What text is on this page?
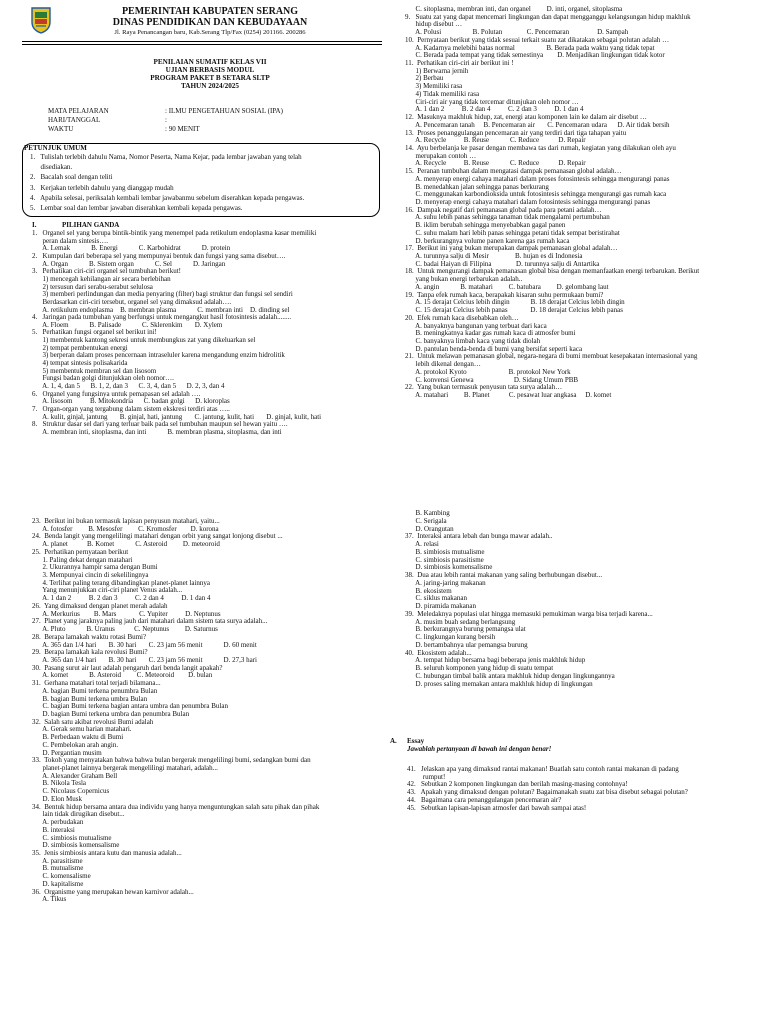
PEMERINTAH KABUPATEN SERANG
DINAS PENDIDIKAN DAN KEBUDAYAAN
Jl. Raya Penancangan baru, Kab.Serang Tlp/Fax (0254) 201166. 200286
PENILAIAN SUMATIF KELAS VII
UJIAN BERBASIS MODUL
PROGRAM PAKET B SETARA SLTP
TAHUN 2024/2025
MATA PELAJARAN	: ILMU PENGETAHUAN SOSIAL (IPA)
HARI/TANGGAL	:
WAKTU	: 90 MENIT
PETUNJUK UMUM
1.   Tulislah terlebih dahulu Nama, Nomor Peserta, Nama Kejar, pada lembar jawaban yang telah
disediakan.
2.   Bacalah soal dengan teliti
3.   Kerjakan terlebih dahulu yang dianggap mudah
4.   Apabila selesai, periksalah kembali lembar jawabanmu sebelum diserahkan kepada pengawas.
5.   Lembar soal dan lembar jawaban diserahkan kembali kepada pengawas.
I.	PILIHAN GANDA
1.   Organel sel yang berupa bintik-bintik yang menempel pada retikulum endoplasma kasar memiliki
peran dalam sintesis….
A. Lemak            B. Energi            C. Karbohidrat            D. protein
2.   Kumpulan dari beberapa sel yang mempunyai bentuk dan fungsi yang sama disebut….
A. Organ            B. Sistem organ            C. Sel            D. Jaringan
3.   Perhatikan ciri-ciri organel sel tumbuhan berikut!
1) mencegah kehilangan air secara berlebihan
2) tersusun dari serabu-serabut selulosa
3) memberi perlindungan dan media penyaring (filter) bagi struktur dan fungsi sel sendiri
Berdasarkan ciri-ciri tersebut, organel sel yang dimaksud adalah….
A. retikulum endoplasma    B. membran plasma            C. membran inti    D. dinding sel
4.   Jaringan pada tumbuhan yang berfungsi untuk mengangkut hasil fotosintesis adalah........
A. Floem            B. Palisade            C. Sklerenkim       D. Xylem
5.   Perhatikan fungsi organel sel berikut ini!
1) membentuk kantong sekresi untuk membungkus zat yang dikeluarkan sel
2) tempat pembentukan energi
3) berperan dalam proses pencernaan intraseluler karena mengandung enzim hidrolitik
4) tempat sintesis polisakarida
5) membentuk membran sel dan lisosom
Fungsi badan golgi ditunjukkan oleh nomor….
A. 1, 4, dan 5      B. 1, 2, dan 3      C. 3, 4, dan 5      D. 2, 3, dan 4
6.   Organel yang fungsinya untuk pemapasan sel adalah ….
A. lisosom          B. Mitokondria      C. badan golgi      D. kloroplas
7.   Organ-organ yang tergabung dalam sistem ekskresi terdiri atas …..
A. kulit, ginjal, jantung       B. ginjal, hati, jantung       C. jantung, kulit, hati       D. ginjal, kulit, hati
8.   Struktur dasar sel dari yang terluar baik pada sel tumbuhan maupun sel hewan yaitu ….
A. membran inti, sitoplasma, dan inti            B. membran plasma, sitoplasma, dan inti
C. sitoplasma, membran inti, dan organel         D. inti, organel, sitoplasma
9.   Suatu zat yang dapat mencemari lingkungan dan dapat mengganggu kelangsungan hidup makhluk
hidup disebut …
A. Polusi                  B. Polutan              C. Pencemaran                D. Sampah
10.  Pernyataan berikut yang tidak sesuai terkait suatu zat dikatakan sebagai polutan adalah …
A. Kadarnya melebihi batas normal                  B. Berada pada waktu yang tidak tepat
C. Berada pada tempat yang tidak semestinya        D. Menjadikan lingkungan tidak kotor
11.  Perhatikan ciri-ciri air berikut ini !
1) Berwarna jernih
2) Berbau
3) Memiliki rasa
4) Tidak memiliki rasa
Ciri-ciri air yang tidak tercemar ditunjukan oleh nomor …
A. 1 dan 2          B. 2 dan 4          C. 2 dan 3          D. 1 dan 4
12.  Masuknya makhluk hidup, zat, energi atau komponen lain ke dalam air disebut …
A. Pencemaran tanah     B. Pencemaran air       C. Pencemaran udara      D. Air tidak bersih
13.  Proses penanggulangan pencemaran air yang terdiri dari tiga tahapan yaitu
A. Recycle          B. Reuse            C. Reduce           D. Repair
14.  Ayu berbelanja ke pasar dengan membawa tas dari rumah, kegiatan yang dilakukan oleh ayu
merupakan contoh …
A. Recycle          B. Reuse            C. Reduce           D. Repair
15.  Peranan tumbuhan dalam mengatasi dampak pemanasan global adalah…
A. menyerap energi cahaya matahari dalam proses fotosintesis sehingga mengurangi panas
B. menedahkan jalan sehingga panas berkurang
C. menggunakan karbondioksida untuk fotosintesis sehingga mengurangi gas rumah kaca
D. menyerap energi cahaya matahari dalam fotosintesis sehingga mengurangi panas
16.  Dampak negatif dari pemanasan global pada para petani adalah…
A. suhu lebih panas sehingga tanaman tidak mengalami pertumbuhan
B. iklim berubah sehingga menyebabkan gagal panen
C. suhu malam hari lebih panas sehingga petani tidak sempat beristirahat
D. berkurangnya volume panen karena gas rumah kaca
17.  Berikut ini yang bukan merupakan dampak pemanasan global adalah…
A. turunnya salju di Mesir               B. hujan es di Indonesia
C. badai Haiyan di Filipina              D. turunnya salju di Antartika
18.  Untuk mengurangi dampak pemanasan global bisa dengan memanfaatkan energi terbarukan. Berikut
yang bukan energi terbarukan adalah..
A. angin            B. matahari         C. batubara         D. gelombang laut
19.  Tanpa efek rumah kaca, berapakah kisaran suhu permukaan bumi?
A. 15 derajat Celcius lebih dingin            B. 18 derajat Celcius lebih dingin
C. 15 derajat Celcius lebih panas             D. 18 derajat Celcius lebih panas
20.  Efek rumah kaca disebabkan oleh…
A. banyaknya bangunan yang terbuat dari kaca
B. meningkatnya kadar gas rumah kaca di atmosfer bumi
C. banyaknya limbah kaca yang tidak diolah
D. pantulan benda-benda di bumi yang bersifat seperti kaca
21.  Untuk melawan pemanasan global, negara-negara di bumi membuat kesepakatan internasional yang
lebih dikenal dengan…
A. protokol Kyoto                        B. protokol New York
C. konvensi Genewa                       D. Sidang Umum PBB
22.  Yang bukan termasuk penyusun tata surya adalah…
A. matahari         B. Planet           C. pesawat luar angkasa     D. komet
23.  Berikut ini bukan termasuk lapisan penyusun matahari, yaitu...
A. fotosfer         B. Mesosfer         C. Kromosfer        D. korona
24.  Benda langit yang mengelilingi matahari dengan orbit yang sangat lonjong disebut ...
A. planet           B. Komet            C. Asteroid         D. meteoroid
25.  Perhatikan pernyataan berikut
1. Paling dekat dengan matahari
2. Ukurannya hampir sama dengan Bumi
3. Mempunyai cincin di sekelilingnya
4. Terlihat paling terang dibandingkan planet-planet lainnya
Yang menunjukkan ciri-ciri planet Venus adalah...
A. 1 dan 2          B. 2 dan 3          C. 2 dan 4          D. 1 dan 4
26.  Yang dimaksud dengan planet merah adalah
A. Merkurius        B. Mars             C. Yupiter          D. Neptunus
27.  Planet yang jaraknya paling jauh dari matahari dalam sistem tata surya adalah...
A. Pluto            B. Uranus           C. Neptunus         D. Saturnus
28.  Berapa lamakah waktu rotasi Bumi?
A. 365 dan 1/4 hari       B. 30 hari       C. 23 jam 56 menit            D. 60 menit
29.  Berapa lamakah kala revolusi Bumi?
A. 365 dan 1/4 hari       B. 30 hari       C. 23 jam 56 menit            D. 27,3 hari
30.  Pasang surut air laut adalah pengaruh dari benda langit apakah?
A. komet            B. Asteroid         C. Meteoroid        D. bulan
31.  Gerhana matahari total terjadi bilamana...
A. bagian Bumi terkena penumbra Bulan
B. bagian Bumi terkena umbra Bulan
C. bagian Bumi terkena bagian antara umbra dan penumbra Bulan
D. bagian Bumi terkena umbra dan penumbra Bulan
32.  Salah satu akibat revolusi Bumi adalah
A. Gerak semu harian matahari.
B. Perbedaan waktu di Bumi
C. Pembelokan arah angin.
D. Pergantian musim
33.  Tokoh yang menyatakan bahwa bahwa bulan bergerak mengelilingi bumi, sedangkan bumi dan
planet-planet lainnya bergerak mengelilingi matahari, adalah...
A. Alexander Graham Bell
B. Nikola Tesla
C. Nicolaus Copernicus
D. Elon Musk
34.  Bentuk hidup bersama antara dua individu yang hanya menguntungkan salah satu pihak dan pihak
lain tidak dirugikan disebut...
A. perbudakan
B. interaksi
C. simbiosis mutualisme
D. simbiosis komensalisme
35.  Jenis simbiosis antara kutu dan manusia adalah...
A. parasitisme
B. mutualisme
C. komensalisme
D. kapitalisme
36.  Organisme yang merupakan hewan karnivor adalah...
A. Tikus
B. Kambing
C. Serigala
D. Orangutan
37.  Interaksi antara lebah dan bunga mawar adalah..
A. relasi
B. simbiosis mutualisme
C. simbiosis parasitisme
D. simbiosis komensalisme
38.  Dua atau lebih rantai makanan yang saling berhubungan disebut...
A. jaring-jaring makanan
B. ekosistem
C. siklus makanan
D. piramida makanan
39.  Meledaknya populasi ulat hingga memasuki pemukiman warga bisa terjadi karena...
A. musim buah sedang berlangsung
B. berkurangnya burung pemangsa ulat
C. lingkungan kurang bersih
D. bertambahnya ular pemangsa burung
40.  Ekosistem adalah...
A. tempat hidup bersama bagi beberapa jenis makhluk hidup
B. seluruh komponen yang hidup di suatu tempat
C. hubungan timbal balik antara makhluk hidup dengan lingkungannya
D. proses saling memakan antara makhluk hidup di lingkungan
A. Essay
Jawablah pertanyaan di bawah ini dengan benar!
41.   Jelaskan apa yang dimaksud rantai makanan! Buatlah satu contoh rantai makanan di padang
rumput!
42.   Sebutkan 2 komponen lingkungan dan berilah masing-masing contohnya!
43.   Apakah yang dimaksud dengan polutan? Bagaimanakah suatu zat bisa disebut sebagai polutan?
44.   Bagaimana cara penanggulangan pencemaran air?
45.   Sebutkan lapisan-lapisan atmosfer dari bawah sampai atas!
